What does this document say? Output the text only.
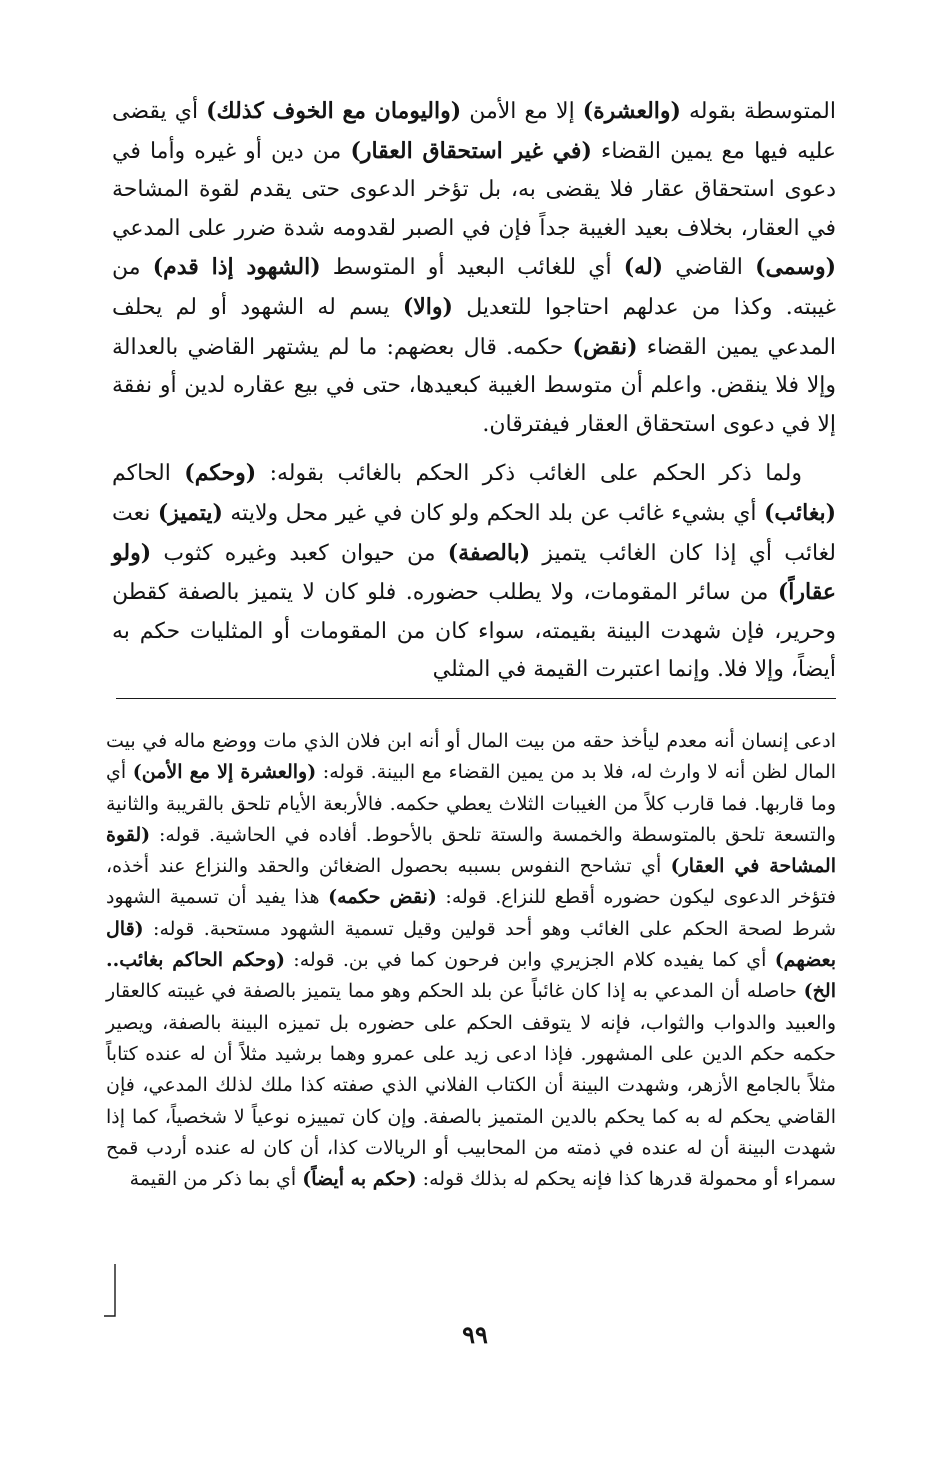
المتوسطة بقوله (والعشرة) إلا مع الأمن (واليومان مع الخوف كذلك) أي يقضى عليه فيها مع يمين القضاء (في غير استحقاق العقار) من دين أو غيره وأما في دعوى استحقاق عقار فلا يقضى به، بل تؤخر الدعوى حتى يقدم لقوة المشاحة في العقار، بخلاف بعيد الغيبة جداً فإن في الصبر لقدومه شدة ضرر على المدعي (وسمى) القاضي (له) أي للغائب البعيد أو المتوسط (الشهود إذا قدم) من غيبته. وكذا من عدلهم احتاجوا للتعديل (والا) يسم له الشهود أو لم يحلف المدعي يمين القضاء (نقض) حكمه. قال بعضهم: ما لم يشتهر القاضي بالعدالة وإلا فلا ينقض. واعلم أن متوسط الغيبة كبعيدها، حتى في بيع عقاره لدين أو نفقة إلا في دعوى استحقاق العقار فيفترقان.

ولما ذكر الحكم على الغائب ذكر الحكم بالغائب بقوله: (وحكم) الحاكم (بغائب) أي بشيء غائب عن بلد الحكم ولو كان في غير محل ولايته (يتميز) نعت لغائب أي إذا كان الغائب يتميز (بالصفة) من حيوان كعبد وغيره كثوب (ولو عقاراً) من سائر المقومات، ولا يطلب حضوره. فلو كان لا يتميز بالصفة كقطن وحرير، فإن شهدت البينة بقيمته، سواء كان من المقومات أو المثليات حكم به أيضاً، وإلا فلا. وإنما اعتبرت القيمة في المثلي

ادعى إنسان أنه معدم ليأخذ حقه من بيت المال أو أنه ابن فلان الذي مات ووضع ماله في بيت المال لظن أنه لا وارث له، فلا بد من يمين القضاء مع البينة. قوله: (والعشرة إلا مع الأمن) أي وما قاربها. فما قارب كلاً من الغيبات الثلاث يعطي حكمه. فالأربعة الأيام تلحق بالقريبة والثانية والتسعة تلحق بالمتوسطة والخمسة والستة تلحق بالأحوط. أفاده في الحاشية. قوله: (لقوة المشاحة في العقار) أي تشاحح النفوس بسببه بحصول الضغائن والحقد والنزاع عند أخذه، فتؤخر الدعوى ليكون حضوره أقطع للنزاع. قوله: (نقض حكمه) هذا يفيد أن تسمية الشهود شرط لصحة الحكم على الغائب وهو أحد قولين وقيل تسمية الشهود مستحبة. قوله: (قال بعضهم) أي كما يفيده كلام الجزيري وابن فرحون كما في بن. قوله: (وحكم الحاكم بغائب.. الخ) حاصله أن المدعي به إذا كان غائباً عن بلد الحكم وهو مما يتميز بالصفة في غيبته كالعقار والعبيد والدواب والثواب، فإنه لا يتوقف الحكم على حضوره بل تميزه البينة بالصفة، ويصير حكمه حكم الدين على المشهور. فإذا ادعى زيد على عمرو وهما برشيد مثلاً أن له عنده كتاباً مثلاً بالجامع الأزهر، وشهدت البينة أن الكتاب الفلاني الذي صفته كذا ملك لذلك المدعي، فإن القاضي يحكم له به كما يحكم بالدين المتميز بالصفة. وإن كان تمييزه نوعياً لا شخصياً، كما إذا شهدت البينة أن له عنده في ذمته من المحابيب أو الريالات كذا، أن كان له عنده أردب قمح سمراء أو محمولة قدرها كذا فإنه يحكم له بذلك قوله: (حكم به أيضاً) أي بما ذكر من القيمة

٩٩
